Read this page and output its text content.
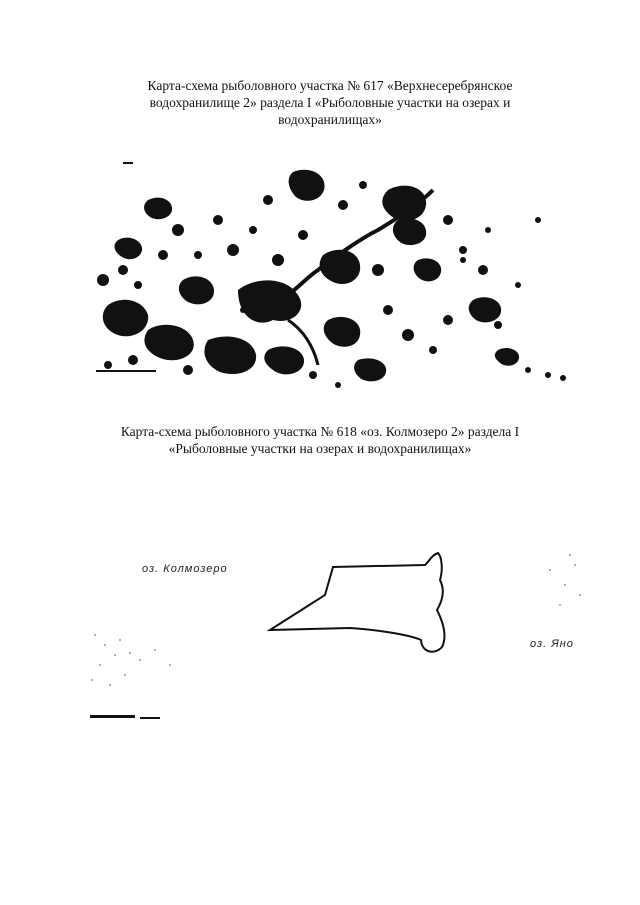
Карта-схема рыболовного участка № 617 «Верхнесеребрянское водохранилище 2» раздела I «Рыболовные участки на озерах и водохранилищах»
Карта-схема рыболовного участка № 618 «оз. Колмозеро 2» раздела I «Рыболовные участки на озерах и водохранилищах»
оз. Колмозеро
оз. Яно
